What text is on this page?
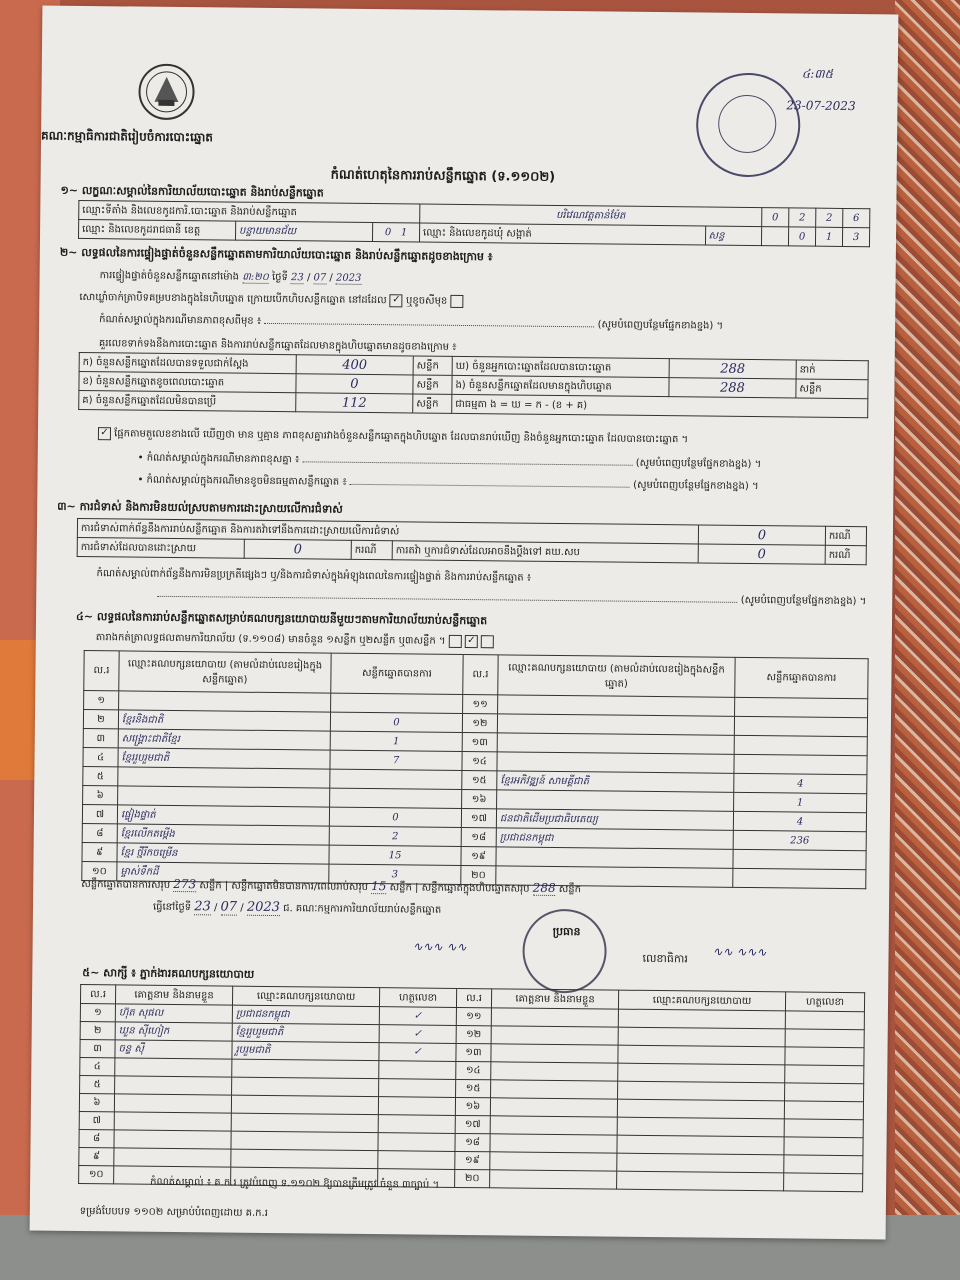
គណៈកម្មាធិការជាតិរៀបចំការបោះឆ្នោត
៤:៣៥
23-07-2023
កំណត់ហេតុនៃការរាប់សន្លឹកឆ្នោត (ទ.១១០២)
១~ លក្ខណៈសម្គាល់នៃការិយាល័យបោះឆ្នោត និងរាប់សន្លឹកឆ្នោត
ឈ្មោះទីតាំង និងលេខកូដការិ.បោះឆ្នោត និងរាប់សន្លឹកឆ្នោត			បរិវេណវត្តតាន់ម៉ែត		0	2	2	6
ឈ្មោះ និងលេខកូដរាជធានី ខេត្ត	បន្ទាយមានជ័យ	0 1	ឈ្មោះ និងលេខកូដឃុំ សង្កាត់	សន្ធ		0	1	3
២~ លទ្ធផលនៃការផ្ទៀងផ្ទាត់ចំនួនសន្លឹកឆ្នោតតាមការិយាល័យបោះឆ្នោត និងរាប់សន្លឹកឆ្នោតដូចខាងក្រោម ៖
ការផ្ទៀងផ្ទាត់ចំនួនសន្លឹកឆ្នោតនៅម៉ោង ៣:២០ ថ្ងៃទី 23 / 07 / 2023
សោឃ្លាំចាក់ត្រាបិទគម្របខាងក្នុងនៃហិបឆ្នោត ក្រោយបើកហិបសន្លឹកឆ្នោត នៅដដែល ✓ ឬខូចសីមុខ
កំណត់សម្គាល់ក្នុងករណីមានភាពខុសពីមុខ ៖	(សូមបំពេញបន្ថែមផ្នែកខាងខ្នង) ។
គួរលេខទាក់ទងនឹងការបោះឆ្នោត និងការរាប់សន្លឹកឆ្នោតដែលមានក្នុងហិបឆ្នោតមានដូចខាងក្រោម ៖
ក) ចំនួនសន្លឹកឆ្នោតដែលបានទទួលជាក់ស្តែង	400	សន្លឹក	ឃ) ចំនួនអ្នកបោះឆ្នោតដែលបានបោះឆ្នោត	288	នាក់
ខ) ចំនួនសន្លឹកឆ្នោតខូចពេលបោះឆ្នោត	0	សន្លឹក	ង) ចំនួនសន្លឹកឆ្នោតដែលមានក្នុងហិបឆ្នោត	288	សន្លឹក
គ) ចំនួនសន្លឹកឆ្នោតដែលមិនបានប្រើ	112	សន្លឹក	ជាធម្មតា ង = ឃ = ក - (ខ + គ)		
✓ ផ្អែកតាមតួលេខខាងលើ ឃើញថា មាន ឬគ្មាន ភាពខុសគ្នារវាងចំនួនសន្លឹកឆ្នោតក្នុងហិបឆ្នោត ដែលបានរាប់ឃើញ និងចំនួនអ្នកបោះឆ្នោត ដែលបានបោះឆ្នោត ។
• កំណត់សម្គាល់ក្នុងករណីមានភាពខុសគ្នា ៖	(សូមបំពេញបន្ថែមផ្នែកខាងខ្នង) ។
• កំណត់សម្គាល់ក្នុងករណីមានខូចមិនធម្មតាសន្លឹកឆ្នោត ៖	(សូមបំពេញបន្ថែមផ្នែកខាងខ្នង) ។
៣~ ការជំទាស់ និងការមិនយល់ស្របតាមការដោះស្រាយលើការជំទាស់
ការជំទាស់ពាក់ព័ន្ធនឹងការរាប់សន្លឹកឆ្នោត និងការតវ៉ាទៅនឹងការដោះស្រាយលើការជំទាស់				0	ករណី
ការជំទាស់ដែលបានដោះស្រាយ	0	ករណី	ការតវ៉ា ឬការជំទាស់ដែលអាចនឹងប្ដឹងទៅ គឃ.សប	0	ករណី
កំណត់សម្គាល់ពាក់ព័ន្ធនឹងការមិនប្រក្រតីផ្សេងៗ ឬ/និងការជំទាស់ក្នុងអំឡុងពេលនៃការផ្ទៀងផ្ទាត់ និងការរាប់សន្លឹកឆ្នោត ៖
(សូមបំពេញបន្ថែមផ្នែកខាងខ្នង) ។
៤~ លទ្ធផលនៃការរាប់សន្លឹកឆ្នោតសម្រាប់គណបក្សនយោបាយនីមួយៗតាមការិយាល័យរាប់សន្លឹកឆ្នោត
តារាងកត់ត្រាលទ្ធផលតាមការិយាល័យ (ទ.១១០៨) មានចំនួន ១សន្លឹក ឬ២សន្លឹក ឬ៣សន្លឹក ។ ✓
ល.រ	ឈ្មោះគណបក្សនយោបាយ (តាមលំដាប់លេខរៀងក្នុងសន្លឹកឆ្នោត)	សន្លឹកឆ្នោតបានការ	ល.រ	ឈ្មោះគណបក្សនយោបាយ (តាមលំដាប់លេខរៀងក្នុងសន្លឹកឆ្នោត)	សន្លឹកឆ្នោតបានការ
១			១១		
២	ខ្មែរនិងជាតិ	0	១២		
៣	សង្គ្រោះជាតិខ្មែរ	1	១៣		
៤	ខ្មែររួបរួមជាតិ	7	១៤		
៥			១៥	ខ្មែរអភិវឌ្ឍន៍ សាមគ្គីជាតិ	4
៦			១៦		1
៧	ផ្ទៀងផ្ទាត់	0	១៧	ជនជាតិដើមប្រជាធិបតេយ្យ	4
៨	ខ្មែរលើកតម្កើង	2	១៨	ប្រជាជនកម្ពុជា	236
៩	ខ្មែរ ថ្មីរីកចម្រើន	15	១៩		
១០	ម្ចាស់ទឹកដី	3	២០		
សន្លឹកឆ្នោតបានការសរុប 273 សន្លឹក | សន្លឹកឆ្នោតមិនបានការ/ពេលរាប់សរុប 15 សន្លឹក | សន្លឹកឆ្នោតក្នុងហិបឆ្នោតសរុប 288 សន្លឹក
ធ្វើនៅថ្ងៃទី 23 / 07 / 2023 ជ. គណៈកម្មការការិយាល័យរាប់សន្លឹកឆ្នោត
ប្រធាន
∿∿∿ ∿∿
លេខាធិការ ∿∿ ∿∿∿
៥~ សាក្សី ៖ ភ្នាក់ងារគណបក្សនយោបាយ
ល.រ	គោត្តនាម និងនាមខ្លួន	ឈ្មោះគណបក្សនយោបាយ	ហត្ថលេខា	ល.រ	គោត្តនាម និងនាមខ្លួន	ឈ្មោះគណបក្សនយោបាយ	ហត្ថលេខា
១	ហ៊ុត សុផល	ប្រជាជនកម្ពុជា	✓	១១			
២	ឃួន ស៊ីហៀក	ខ្មែររួបរួមជាតិ	✓	១២			
៣	ចន្ទ ស៊ី	រួបរួមជាតិ	✓	១៣			
៤				១៤			
៥				១៥			
៦				១៦			
៧				១៧			
៨				១៨			
៩				១៩			
១០				២០			
កំណត់សម្គាល់ ៖ គ.ក.រ ត្រូវបំពេញ ទ.១១០២ ឱ្យបានត្រឹមត្រូវ ចំនួន ៣ច្បាប់ ។
ទម្រង់បែបបទ ១១០២ សម្រាប់បំពេញដោយ គ.ក.រ
